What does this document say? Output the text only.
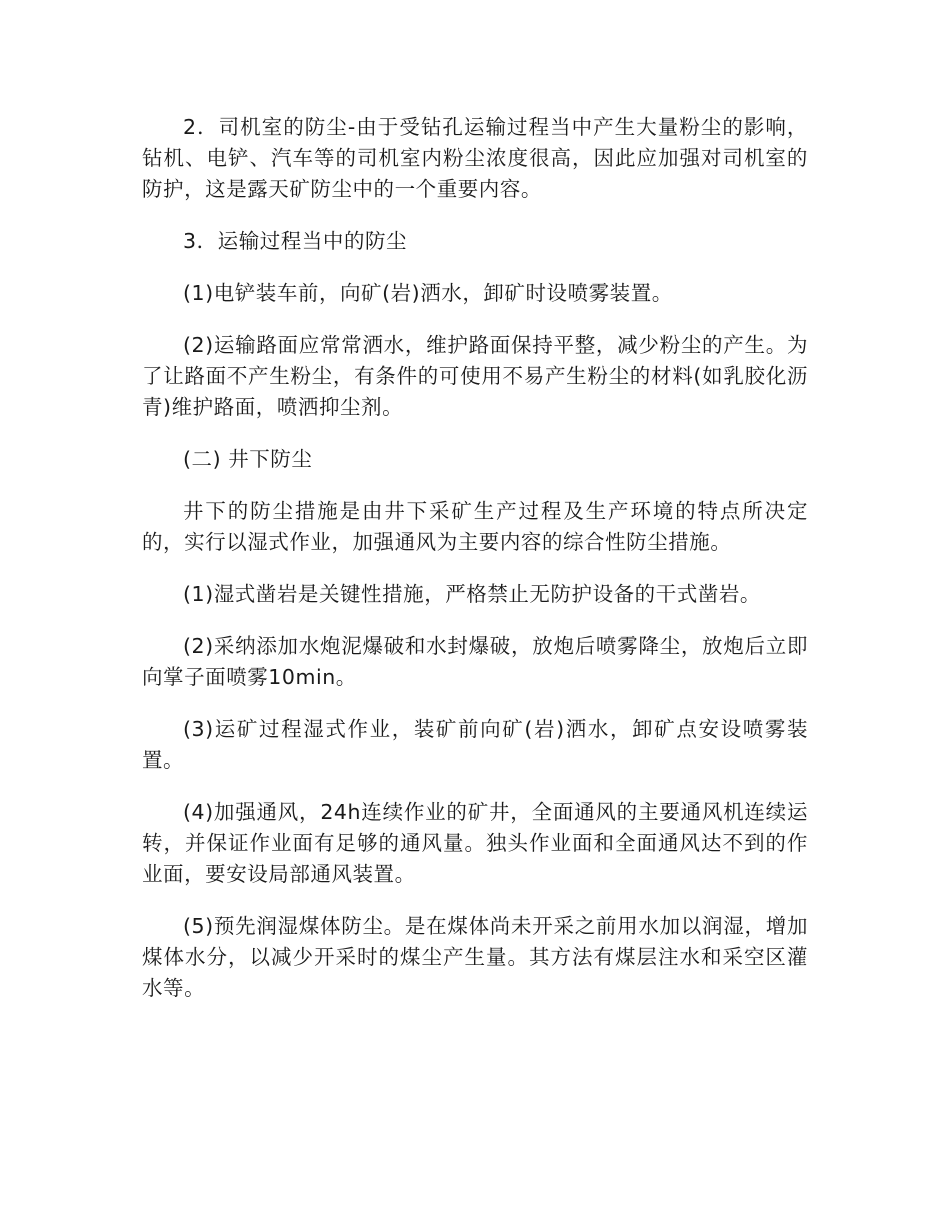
2．司机室的防尘-由于受钻孔运输过程当中产生大量粉尘的影响，钻机、电铲、汽车等的司机室内粉尘浓度很高，因此应加强对司机室的防护，这是露天矿防尘中的一个重要内容。

3．运输过程当中的防尘

(1)电铲装车前，向矿(岩)洒水，卸矿时设喷雾装置。

(2)运输路面应常常洒水，维护路面保持平整，减少粉尘的产生。为了让路面不产生粉尘，有条件的可使用不易产生粉尘的材料(如乳胶化沥青)维护路面，喷洒抑尘剂。

(二) 井下防尘

井下的防尘措施是由井下采矿生产过程及生产环境的特点所决定的，实行以湿式作业，加强通风为主要内容的综合性防尘措施。

(1)湿式凿岩是关键性措施，严格禁止无防护设备的干式凿岩。

(2)采纳添加水炮泥爆破和水封爆破，放炮后喷雾降尘，放炮后立即向掌子面喷雾10min。

(3)运矿过程湿式作业，装矿前向矿(岩)洒水，卸矿点安设喷雾装置。

(4)加强通风，24h连续作业的矿井，全面通风的主要通风机连续运转，并保证作业面有足够的通风量。独头作业面和全面通风达不到的作业面，要安设局部通风装置。

(5)预先润湿煤体防尘。是在煤体尚未开采之前用水加以润湿，增加煤体水分，以减少开采时的煤尘产生量。其方法有煤层注水和采空区灌水等。
